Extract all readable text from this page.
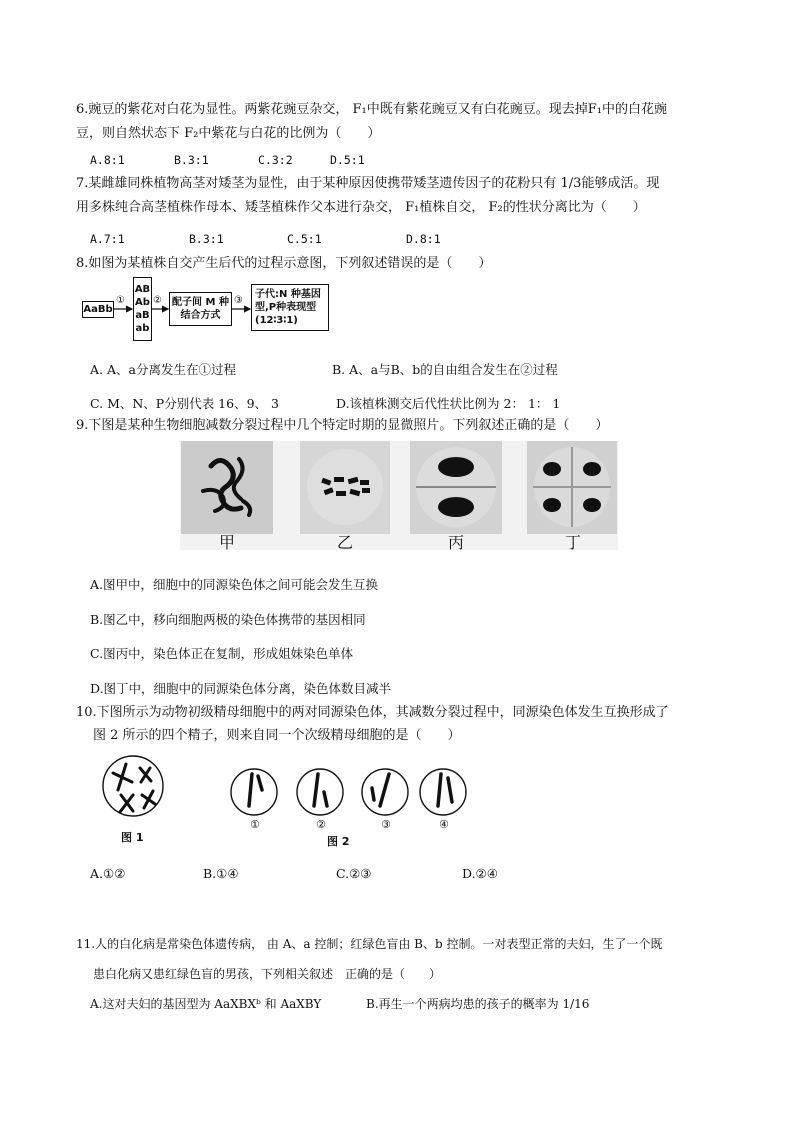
6.豌豆的紫花对白花为显性。两紫花豌豆杂交， F₁中既有紫花豌豆又有白花豌豆。现去掉F₁中的白花豌
豆，则自然状态下 F₂中紫花与白花的比例为（　　）
A.8:1	B.3:1	C.3:2	D.5:1
7.某雌雄同株植物高茎对矮茎为显性，由于某种原因使携带矮茎遗传因子的花粉只有 1/3能够成活。现
用多株纯合高茎植株作母本、矮茎植株作父本进行杂交， F₁植株自交， F₂的性状分离比为（　　）
A.7:1	B.3:1	C.5:1	D.8:1
8.如图为某植株自交产生后代的过程示意图，下列叙述错误的是（　　）
AaBb
①
AB
Ab
aB
ab
② 配子间 M 种
结合方式
③
子代:N 种基因
型,P种表现型
(12∶3∶1)
A. A、a分离发生在①过程	B. A、a与B、b的自由组合发生在②过程
C. M、N、P分别代表 16、9、 3	D.该植株测交后代性状比例为 2： 1： 1
9.下图是某种生物细胞减数分裂过程中几个特定时期的显微照片。下列叙述正确的是（　　）
甲	乙	丙	丁
A.图甲中，细胞中的同源染色体之间可能会发生互换
B.图乙中，移向细胞两极的染色体携带的基因相同
C.图丙中，染色体正在复制，形成姐妹染色单体
D.图丁中，细胞中的同源染色体分离，染色体数目减半
10.下图所示为动物初级精母细胞中的两对同源染色体，其减数分裂过程中，同源染色体发生互换形成了
图 2 所示的四个精子，则来自同一个次级精母细胞的是（　　）
图 1
①	②	③	④
图 2
A.①②	B.①④	C.②③	D.②④
11.人的白化病是常染色体遗传病， 由 A、a 控制；红绿色盲由 B、b 控制。一对表型正常的夫妇，生了一个既
患白化病又患红绿色盲的男孩，下列相关叙述　正确的是（　　）
A.这对夫妇的基因型为 AaXBXᵇ 和 AaXBY	B.再生一个两病均患的孩子的概率为 1/16
